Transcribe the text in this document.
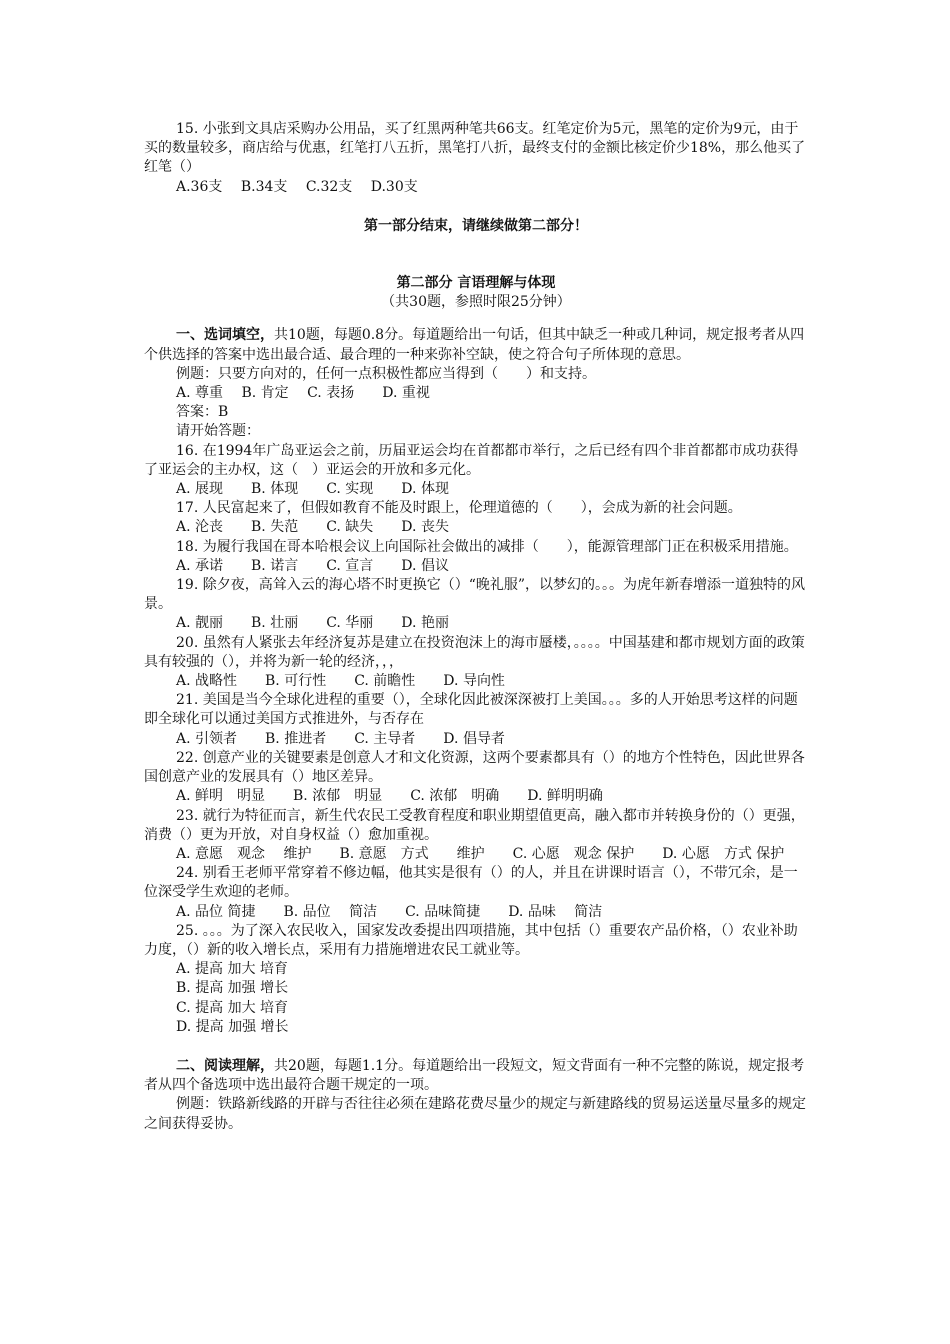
15. 小张到文具店采购办公用品，买了红黑两种笔共66支。红笔定价为5元，黑笔的定价为9元，由于买的数量较多，商店给与优惠，红笔打八五折，黑笔打八折，最终支付的金额比核定价少18%，那么他买了红笔（）

A.36支　 B.34支　 C.32支　 D.30支

第一部分结束，请继续做第二部分！

第二部分 言语理解与体现

（共30题，参照时限25分钟）

一、选词填空，共10题，每题0.8分。每道题给出一句话，但其中缺乏一种或几种词，规定报考者从四个供选择的答案中选出最合适、最合理的一种来弥补空缺，使之符合句子所体现的意思。

例题：只要方向对的，任何一点积极性都应当得到（　　）和支持。

A. 尊重　 B. 肯定　 C. 表扬　　D. 重视

答案：B

请开始答题：

16. 在1994年广岛亚运会之前，历届亚运会均在首都都市举行，之后已经有四个非首都都市成功获得了亚运会的主办权，这（　）亚运会的开放和多元化。

A. 展现　　B. 体现　　C. 实现　　D. 体现

17. 人民富起来了，但假如教育不能及时跟上，伦理道德的（　　），会成为新的社会问题。

A. 沦丧　　B. 失范　　C. 缺失　　D. 丧失

18. 为履行我国在哥本哈根会议上向国际社会做出的减排（　　），能源管理部门正在积极采用措施。

A. 承诺　　B. 诺言　　C. 宣言　　D. 倡议

19. 除夕夜，高耸入云的海心塔不时更换它（）“晚礼服”，以梦幻的。。。为虎年新春增添一道独特的风景。

A. 靓丽　　B. 壮丽　　C. 华丽　　D. 艳丽

20. 虽然有人紧张去年经济复苏是建立在投资泡沫上的海市蜃楼，。。。。中国基建和都市规划方面的政策具有较强的（），并将为新一轮的经济，，，

A. 战略性　　B. 可行性　　C. 前瞻性　　D. 导向性

21. 美国是当今全球化进程的重要（），全球化因此被深深被打上美国。。。多的人开始思考这样的问题即全球化可以通过美国方式推进外，与否存在

A. 引领者　　B. 推进者　　C. 主导者　　D. 倡导者

22. 创意产业的关键要素是创意人才和文化资源，这两个要素都具有（）的地方个性特色，因此世界各国创意产业的发展具有（）地区差异。

A. 鲜明　明显　　B. 浓郁　明显　　C. 浓郁　明确　　D. 鲜明明确

23. 就行为特征而言，新生代农民工受教育程度和职业期望值更高，融入都市并转换身份的（）更强，消费（）更为开放，对自身权益（）愈加重视。

A. 意愿　观念　 维护　　B. 意愿　方式　　维护　　C. 心愿　观念 保护　　D. 心愿　方式 保护

24. 别看王老师平常穿着不修边幅，他其实是很有（）的人，并且在讲课时语言（），不带冗余，是一位深受学生欢迎的老师。

A. 品位 简捷　　B. 品位　 简洁　　C. 品味简捷　　D. 品味　 简洁

25. 。。。为了深入农民收入，国家发改委提出四项措施，其中包括（）重要农产品价格，（）农业补助力度，（）新的收入增长点，采用有力措施增进农民工就业等。

A. 提高 加大 培育

B. 提高 加强 增长

C. 提高 加大 培育

D. 提高 加强 增长

二、阅读理解，共20题，每题1.1分。每道题给出一段短文，短文背面有一种不完整的陈说，规定报考者从四个备选项中选出最符合题干规定的一项。

例题：铁路新线路的开辟与否往往必须在建路花费尽量少的规定与新建路线的贸易运送量尽量多的规定之间获得妥协。
